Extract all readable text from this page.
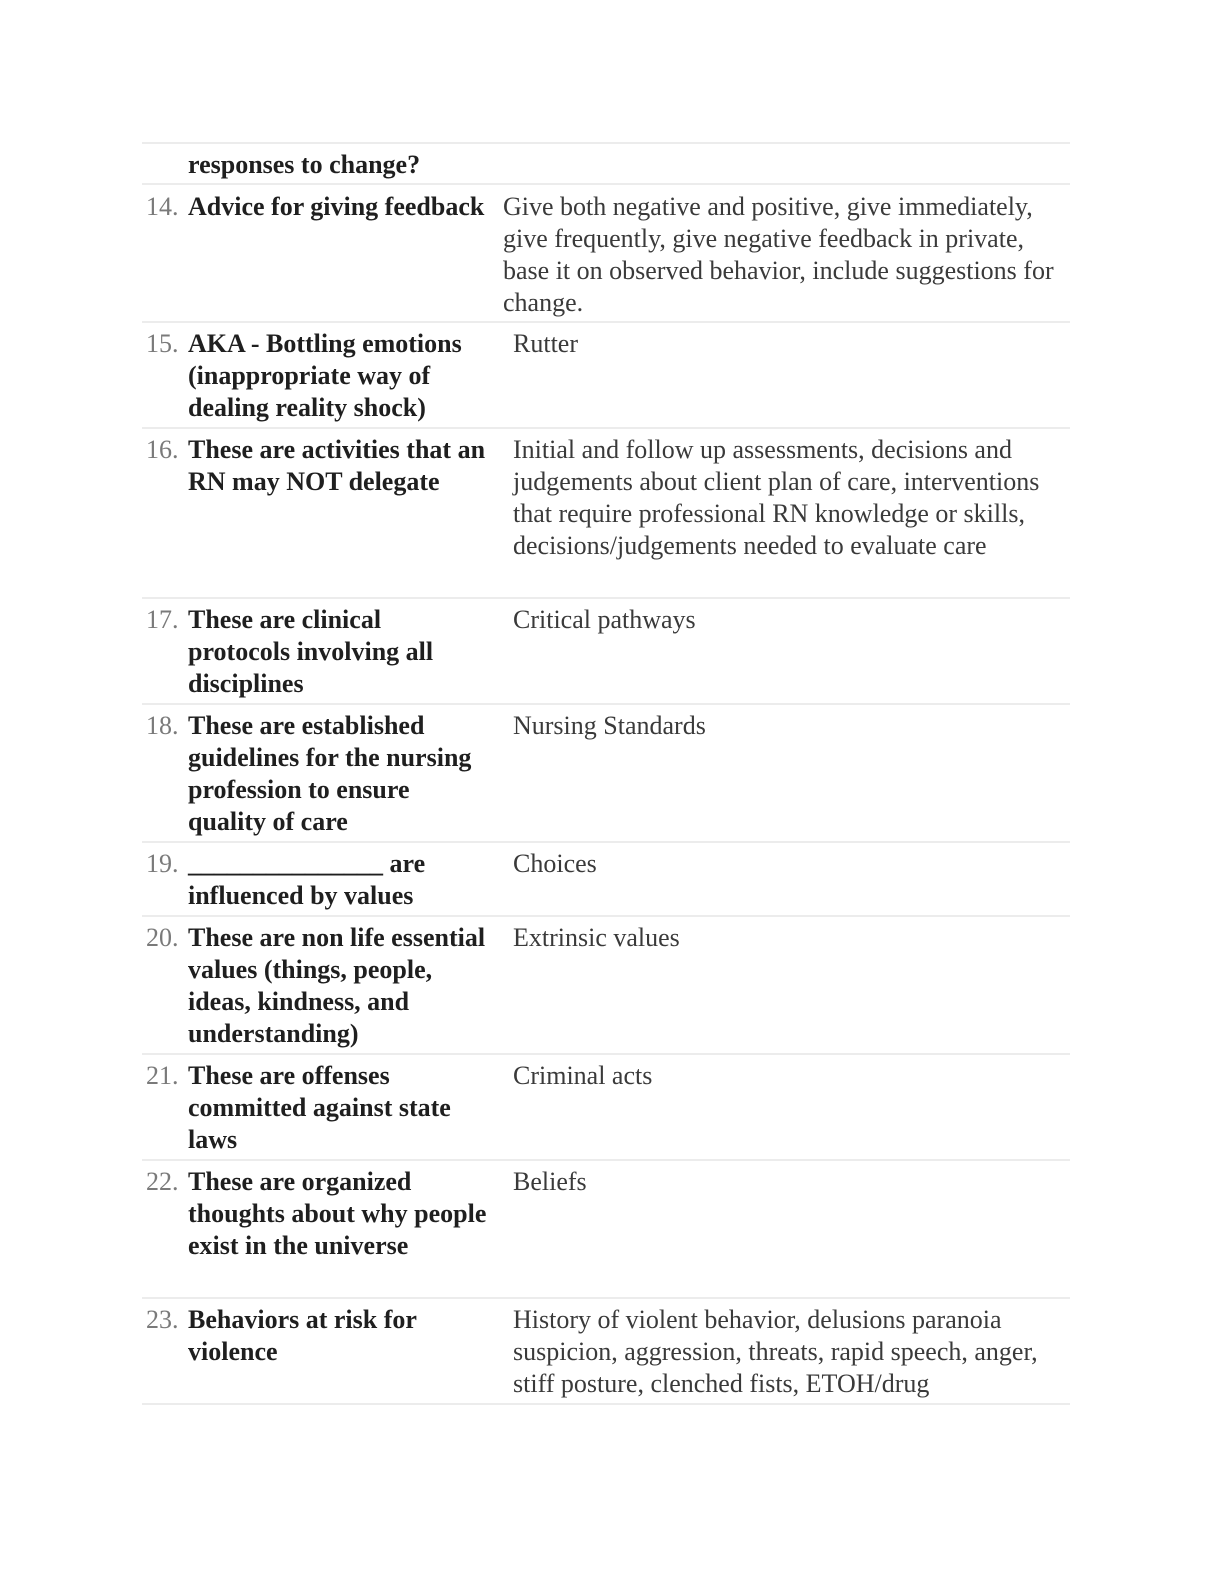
responses to change?
14. Advice for giving feedback Give both negative and positive, give immediately, give frequently, give negative feedback in private, base it on observed behavior, include suggestions for change.
15. AKA - Bottling emotions (inappropriate way of dealing reality shock)
Rutter
16. These are activities that an RN may NOT delegate
Initial and follow up assessments, decisions and judgements about client plan of care, interventions that require professional RN knowledge or skills, decisions/judgements needed to evaluate care
17. These are clinical protocols involving all disciplines
Critical pathways
18. These are established guidelines for the nursing profession to ensure quality of care
Nursing Standards
19. _______________ are influenced by values
Choices
20. These are non life essential values (things, people, ideas, kindness, and understanding)
Extrinsic values
21. These are offenses committed against state laws
Criminal acts
22. These are organized thoughts about why people exist in the universe
Beliefs
23. Behaviors at risk for violence
History of violent behavior, delusions paranoia suspicion, aggression, threats, rapid speech, anger, stiff posture, clenched fists, ETOH/drug
